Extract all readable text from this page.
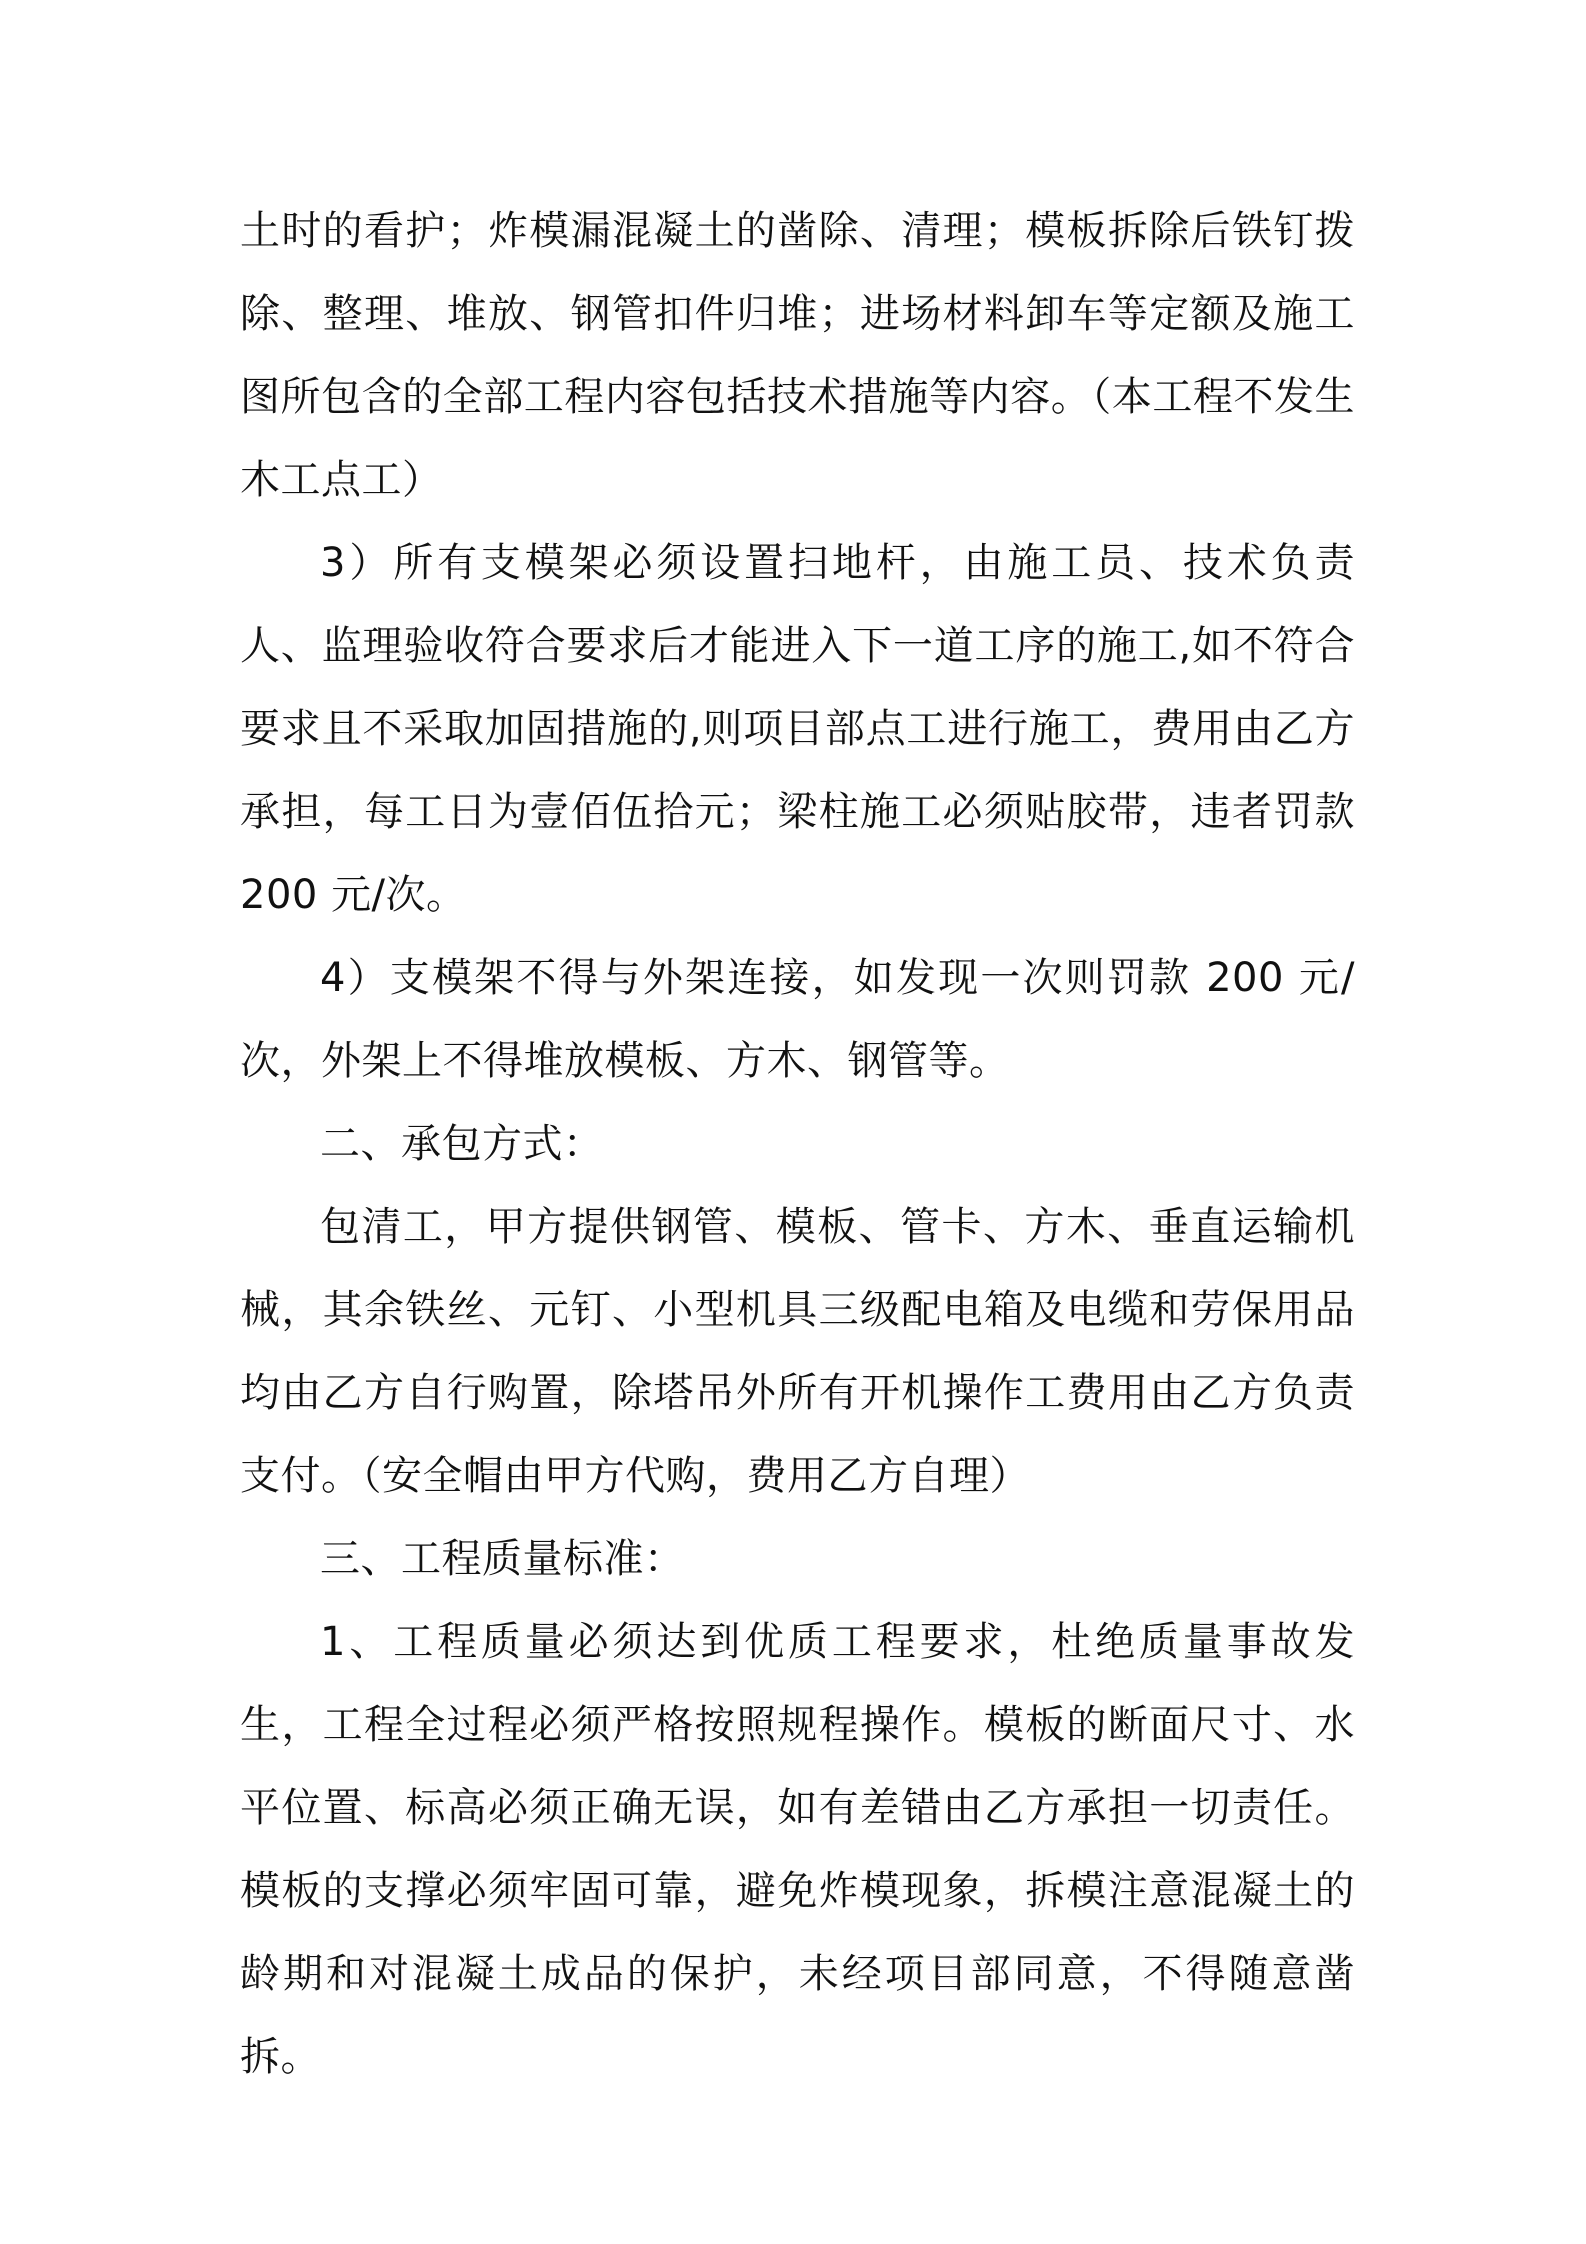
土时的看护；炸模漏混凝土的凿除、清理；模板拆除后铁钉拨除、整理、堆放、钢管扣件归堆；进场材料卸车等定额及施工图所包含的全部工程内容包括技术措施等内容。（本工程不发生木工点工）

3）所有支模架必须设置扫地杆，由施工员、技术负责人、监理验收符合要求后才能进入下一道工序的施工,如不符合要求且不采取加固措施的,则项目部点工进行施工，费用由乙方承担，每工日为壹佰伍拾元；梁柱施工必须贴胶带，违者罚款 200 元/次。

4）支模架不得与外架连接，如发现一次则罚款 200 元/次，外架上不得堆放模板、方木、钢管等。

二、承包方式：

包清工，甲方提供钢管、模板、管卡、方木、垂直运输机械，其余铁丝、元钉、小型机具三级配电箱及电缆和劳保用品均由乙方自行购置，除塔吊外所有开机操作工费用由乙方负责支付。（安全帽由甲方代购，费用乙方自理）

三、工程质量标准：

1、工程质量必须达到优质工程要求，杜绝质量事故发生，工程全过程必须严格按照规程操作。模板的断面尺寸、水平位置、标高必须正确无误，如有差错由乙方承担一切责任。模板的支撑必须牢固可靠，避免炸模现象，拆模注意混凝土的龄期和对混凝土成品的保护，未经项目部同意，不得随意凿拆。
